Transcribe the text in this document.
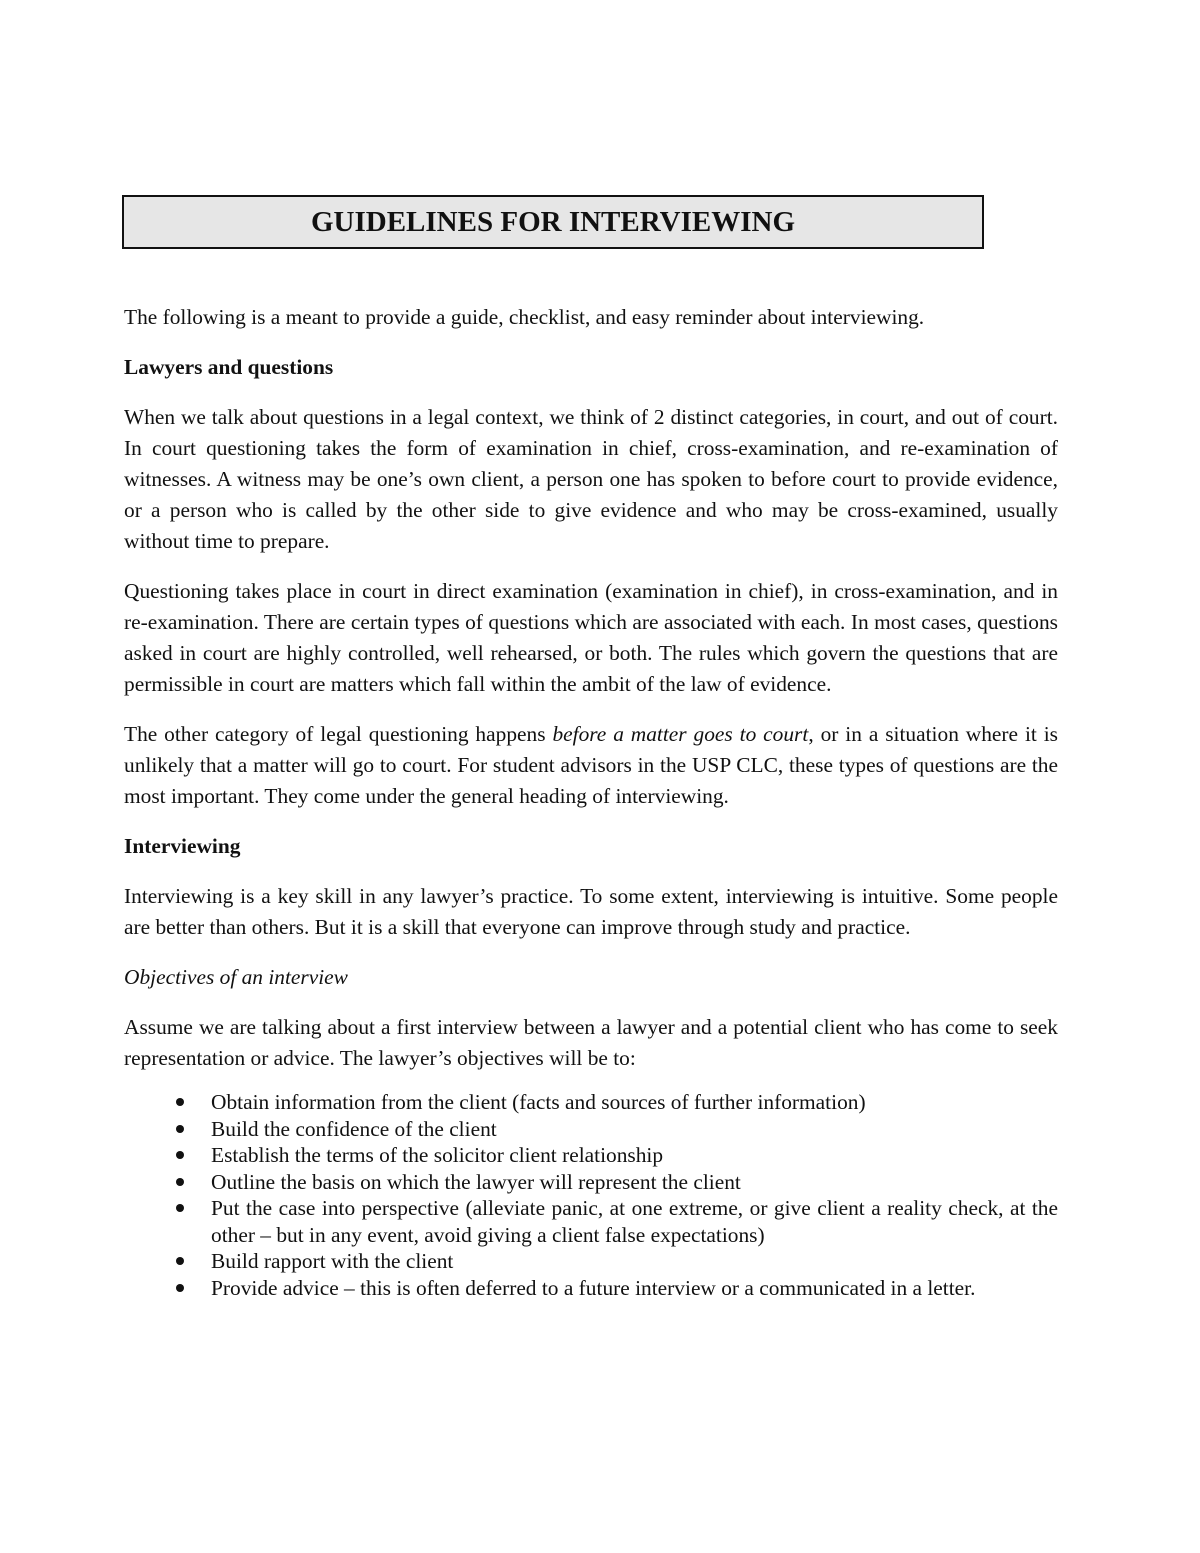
GUIDELINES FOR INTERVIEWING

The following is a meant to provide a guide, checklist, and easy reminder about interviewing.

Lawyers and questions

When we talk about questions in a legal context, we think of 2 distinct categories, in court, and out of court. In court questioning takes the form of examination in chief, cross-examination, and re-examination of witnesses. A witness may be one’s own client, a person one has spoken to before court to provide evidence, or a person who is called by the other side to give evidence and who may be cross-examined, usually without time to prepare.

Questioning takes place in court in direct examination (examination in chief), in cross-examination, and in re-examination. There are certain types of questions which are associated with each. In most cases, questions asked in court are highly controlled, well rehearsed, or both. The rules which govern the questions that are permissible in court are matters which fall within the ambit of the law of evidence.

The other category of legal questioning happens before a matter goes to court, or in a situation where it is unlikely that a matter will go to court. For student advisors in the USP CLC, these types of questions are the most important. They come under the general heading of interviewing.

Interviewing

Interviewing is a key skill in any lawyer’s practice. To some extent, interviewing is intuitive. Some people are better than others. But it is a skill that everyone can improve through study and practice.

Objectives of an interview

Assume we are talking about a first interview between a lawyer and a potential client who has come to seek representation or advice. The lawyer’s objectives will be to:

Obtain information from the client (facts and sources of further information)
Build the confidence of the client
Establish the terms of the solicitor client relationship
Outline the basis on which the lawyer will represent the client
Put the case into perspective (alleviate panic, at one extreme, or give client a reality check, at the other – but in any event, avoid giving a client false expectations)
Build rapport with the client
Provide advice – this is often deferred to a future interview or a communicated in a letter.
